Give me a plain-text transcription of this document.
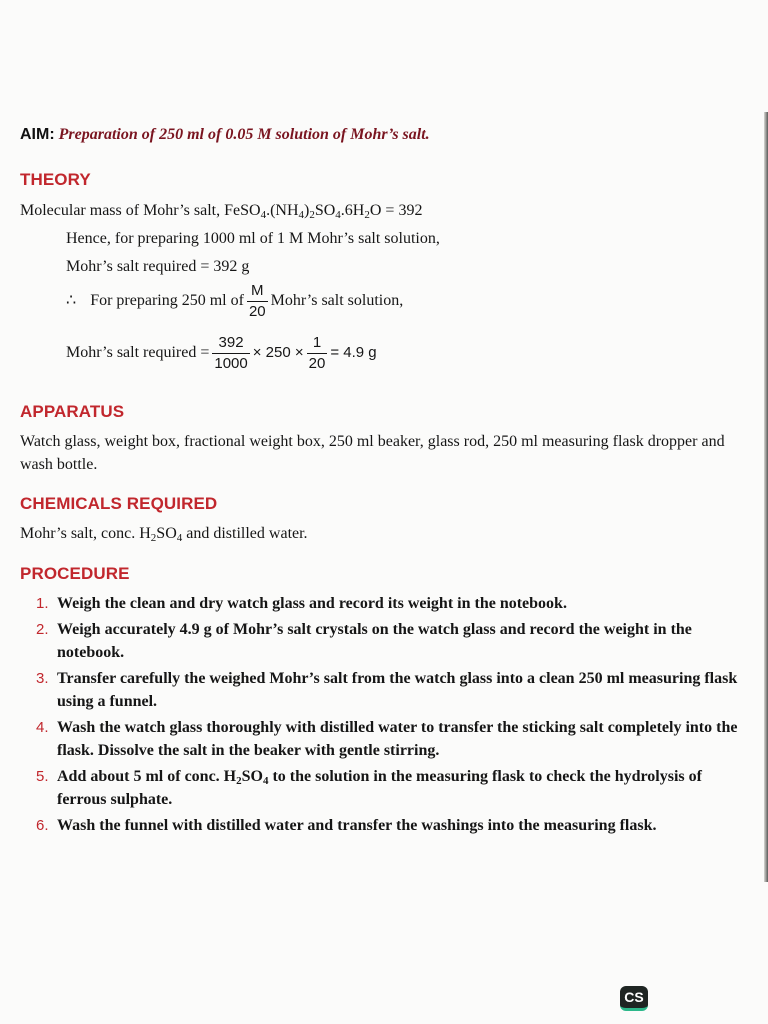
AIM: Preparation of 250 ml of 0.05 M solution of Mohr’s salt.
THEORY
Molecular mass of Mohr’s salt, $FeSO_4.(NH_4)_2SO_4.6H_2O = 392$
Hence, for preparing 1000 ml of 1 M Mohr’s salt solution,
Mohr’s salt required = 392 g
∴ For preparing 250 ml of $\frac{M}{20}$ Mohr’s salt solution,
Mohr’s salt required = $\frac{392}{1000} \times 250 \times \frac{1}{20} = 4.9$ g
APPARATUS
Watch glass, weight box, fractional weight box, 250 ml beaker, glass rod, 250 ml measuring flask dropper and wash bottle.
CHEMICALS REQUIRED
Mohr’s salt, conc. $H_2SO_4$ and distilled water.
PROCEDURE
1. Weigh the clean and dry watch glass and record its weight in the notebook.
2. Weigh accurately 4.9 g of Mohr’s salt crystals on the watch glass and record the weight in the notebook.
3. Transfer carefully the weighed Mohr’s salt from the watch glass into a clean 250 ml measuring flask using a funnel.
4. Wash the watch glass thoroughly with distilled water to transfer the sticking salt completely into the flask. Dissolve the salt in the beaker with gentle stirring.
5. Add about 5 ml of conc. $H_2SO_4$ to the solution in the measuring flask to check the hydrolysis of ferrous sulphate.
6. Wash the funnel with distilled water and transfer the washings into the measuring flask.
CS
